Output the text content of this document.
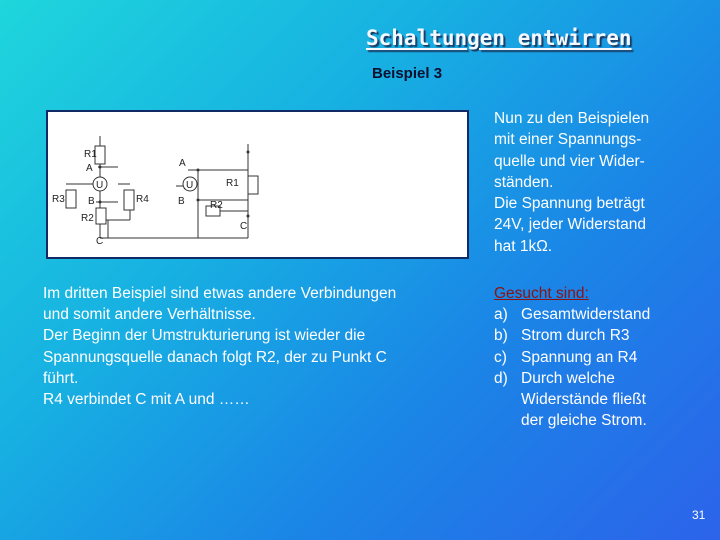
Schaltungen entwirren
Beispiel 3
R1
A
U
R3 B	R4
R2
C
A
U	R1
B	R2
C
Nun zu den Beispielen
mit einer Spannungs-
quelle und vier Wider-
ständen.
Die Spannung beträgt
24V, jeder Widerstand
hat 1kΩ.
Im dritten Beispiel sind etwas andere Verbindungen
und somit andere Verhältnisse.
Der Beginn der Umstrukturierung ist wieder die
Spannungsquelle danach folgt R2, der zu Punkt C
führt.
R4 verbindet C mit A und ……
Gesucht sind:
a) Gesamtwiderstand
b) Strom durch R3
c) Spannung an R4
d) Durch welche
Widerstände fließt
der gleiche Strom.
31
